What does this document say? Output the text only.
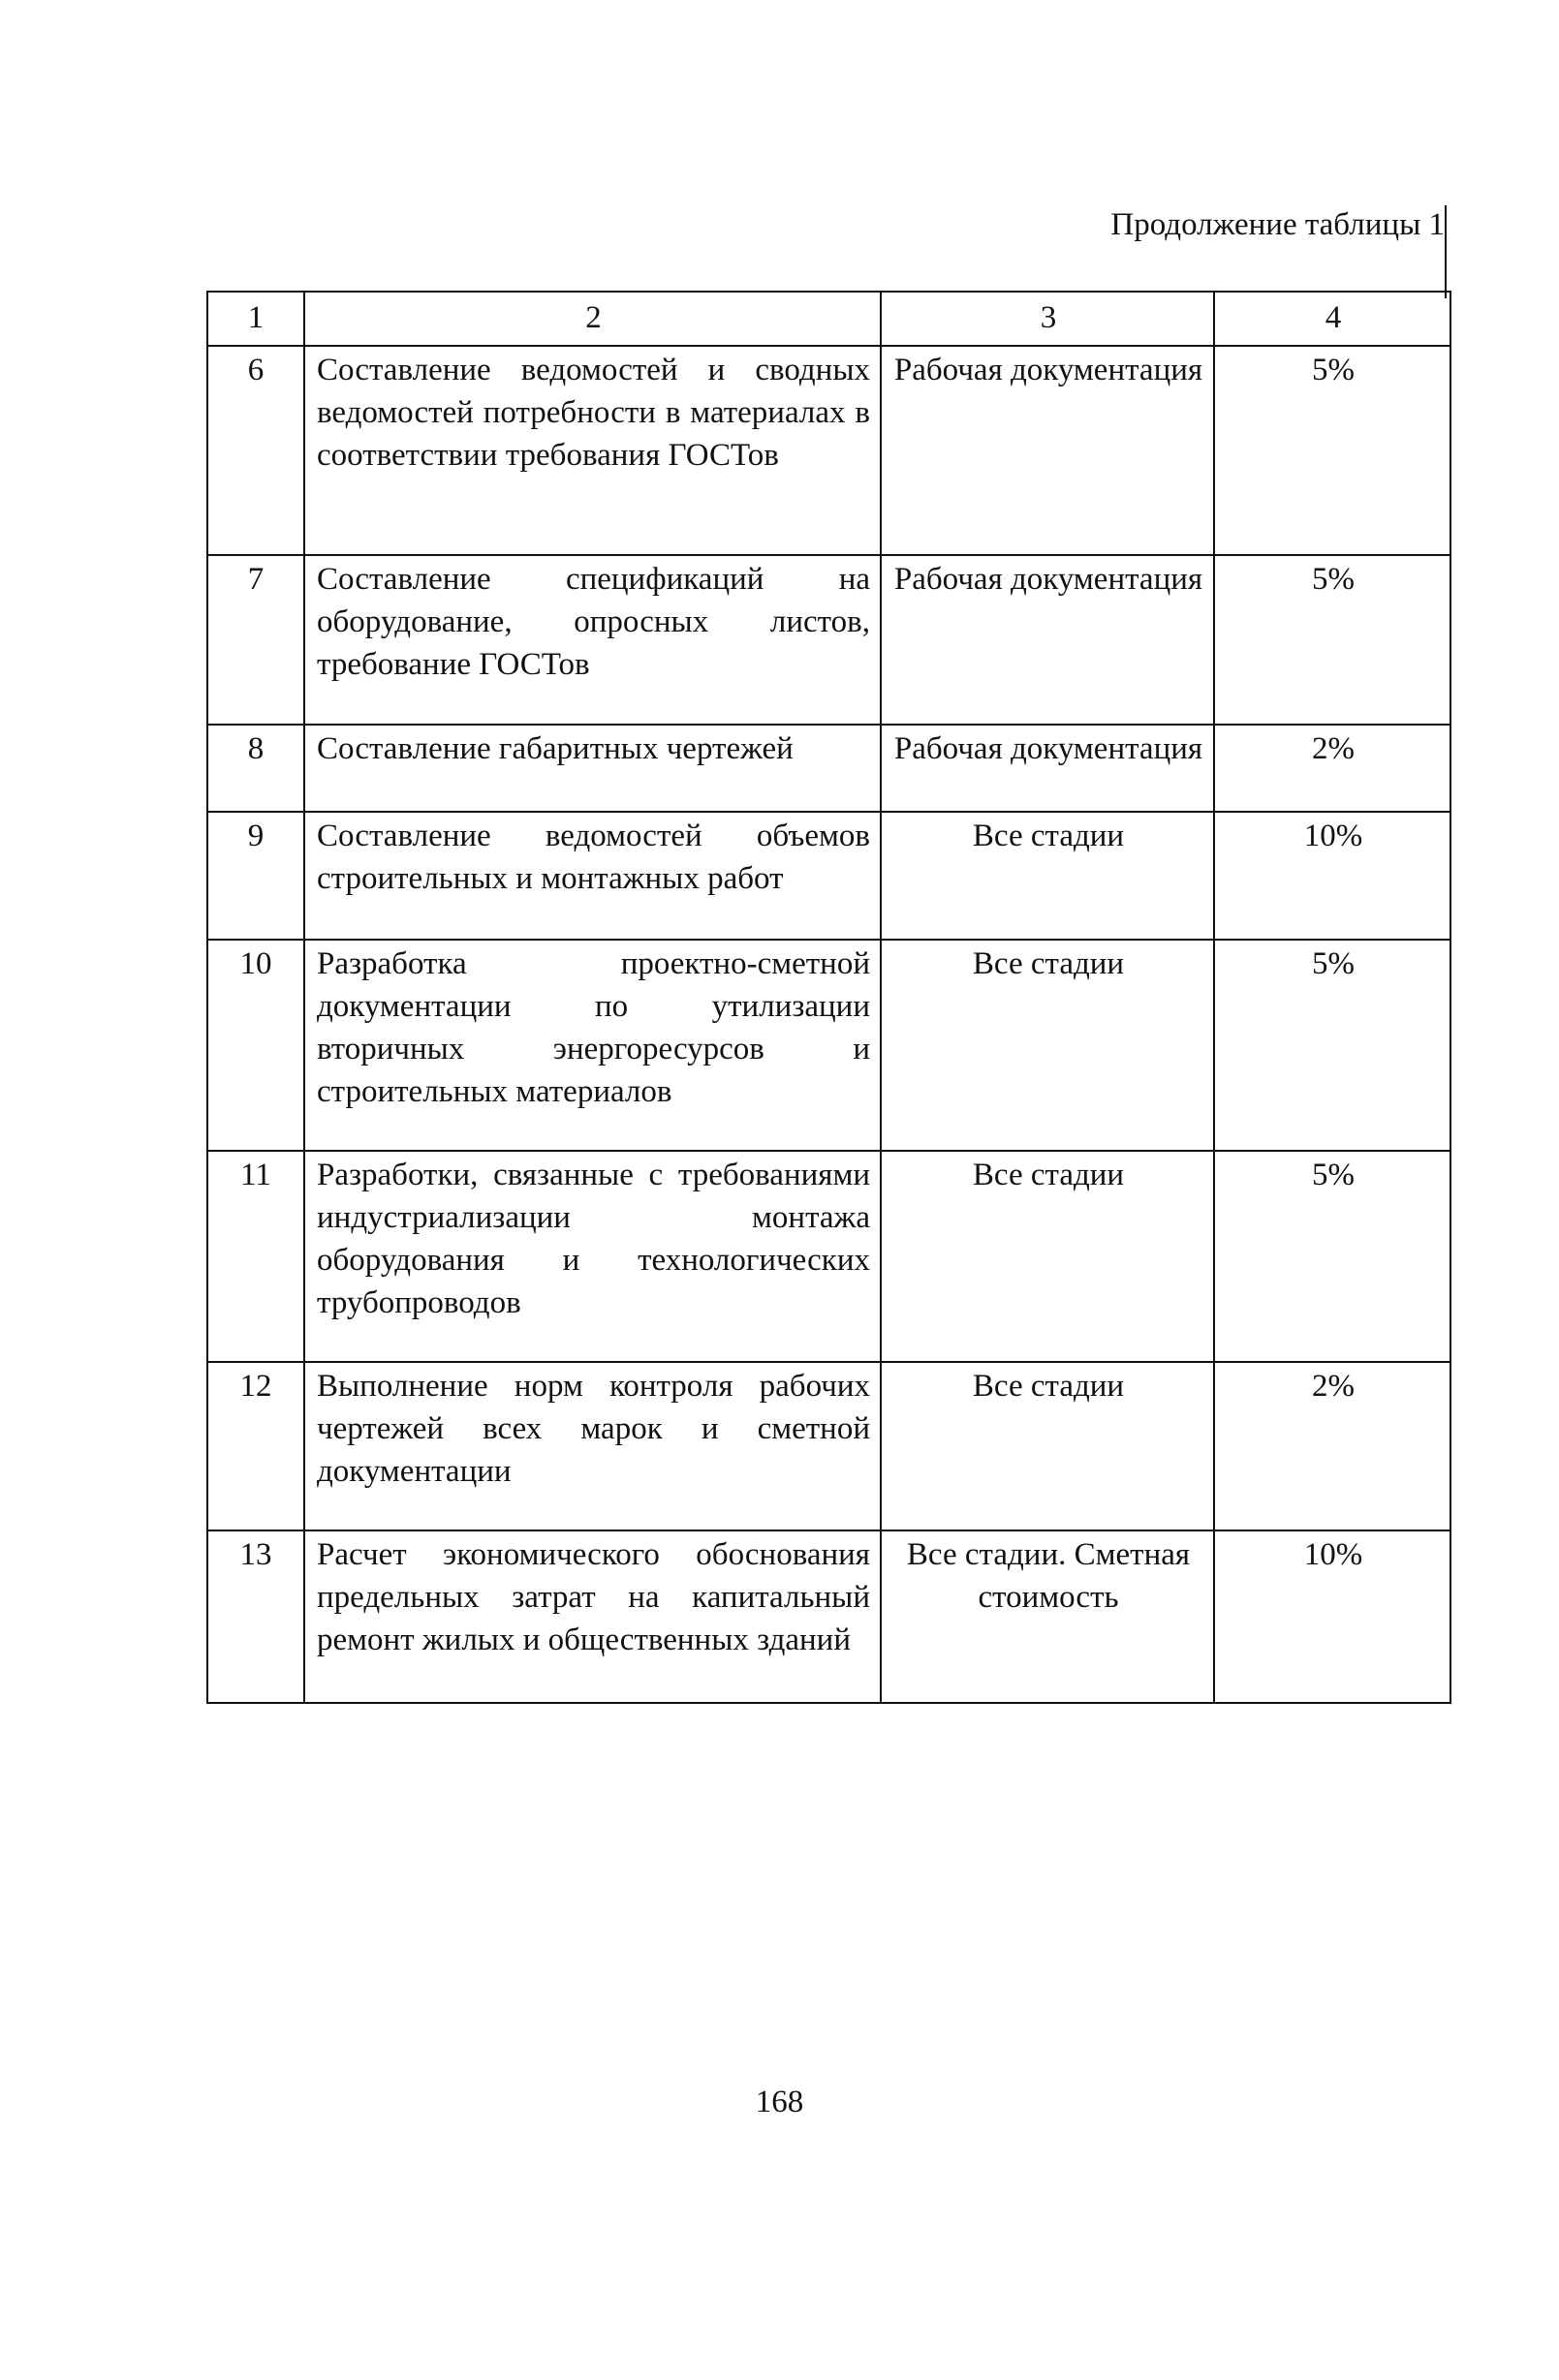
Продолжение таблицы 1
1	2	3	4
6	Составление ведомостей и сводных ведомостей потребности в материалах в соответствии требования ГОСТов	Рабочая документация	5%
7	Составление спецификаций на оборудование, опросных листов, требование ГОСТов	Рабочая документация	5%
8	Составление габаритных чертежей	Рабочая документация	2%
9	Составление ведомостей объемов строительных и монтажных работ	Все стадии	10%
10	Разработка проектно-сметной документации по утилизации вторичных энергоресурсов и строительных материалов	Все стадии	5%
11	Разработки, связанные с требованиями индустриализации монтажа оборудования и технологических трубопроводов	Все стадии	5%
12	Выполнение норм контроля рабочих чертежей всех марок и сметной документации	Все стадии	2%
13	Расчет экономического обоснования предельных затрат на капитальный ремонт жилых и общественных зданий	Все стадии. Сметная стоимость	10%
168
